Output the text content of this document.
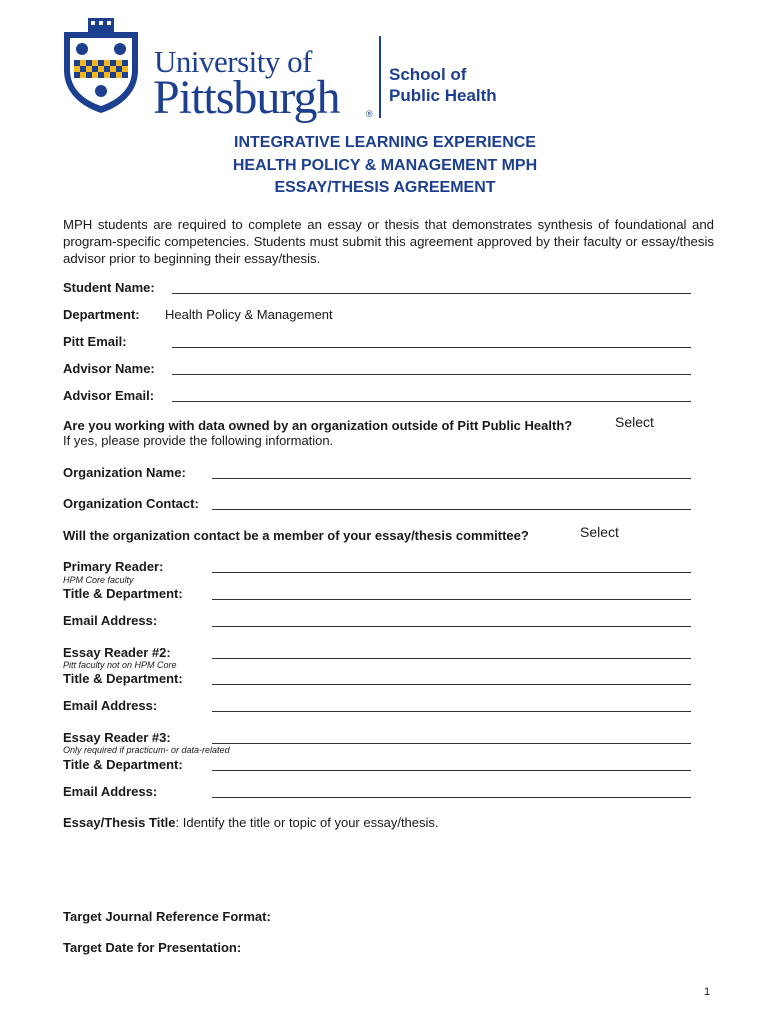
University of
Pittsburgh	®
School of
Public Health
INTEGRATIVE LEARNING EXPERIENCE
HEALTH POLICY & MANAGEMENT MPH
ESSAY/THESIS AGREEMENT
MPH students are required to complete an essay or thesis that demonstrates synthesis of foundational and program-specific competencies. Students must submit this agreement approved by their faculty or essay/thesis advisor prior to beginning their essay/thesis.
Student Name:
Department: Health Policy & Management
Pitt Email:
Advisor Name:
Advisor Email:
Are you working with data owned by an organization outside of Pitt Public Health?	Select
If yes, please provide the following information.
Organization Name:
Organization Contact:
Will the organization contact be a member of your essay/thesis committee?	Select
Primary Reader:
HPM Core faculty
Title & Department:
Email Address:
Essay Reader #2:
Pitt faculty not on HPM Core
Title & Department:
Email Address:
Essay Reader #3:
Only required if practicum- or data-related
Title & Department:
Email Address:
Essay/Thesis Title: Identify the title or topic of your essay/thesis.
Target Journal Reference Format:
Target Date for Presentation:
1
